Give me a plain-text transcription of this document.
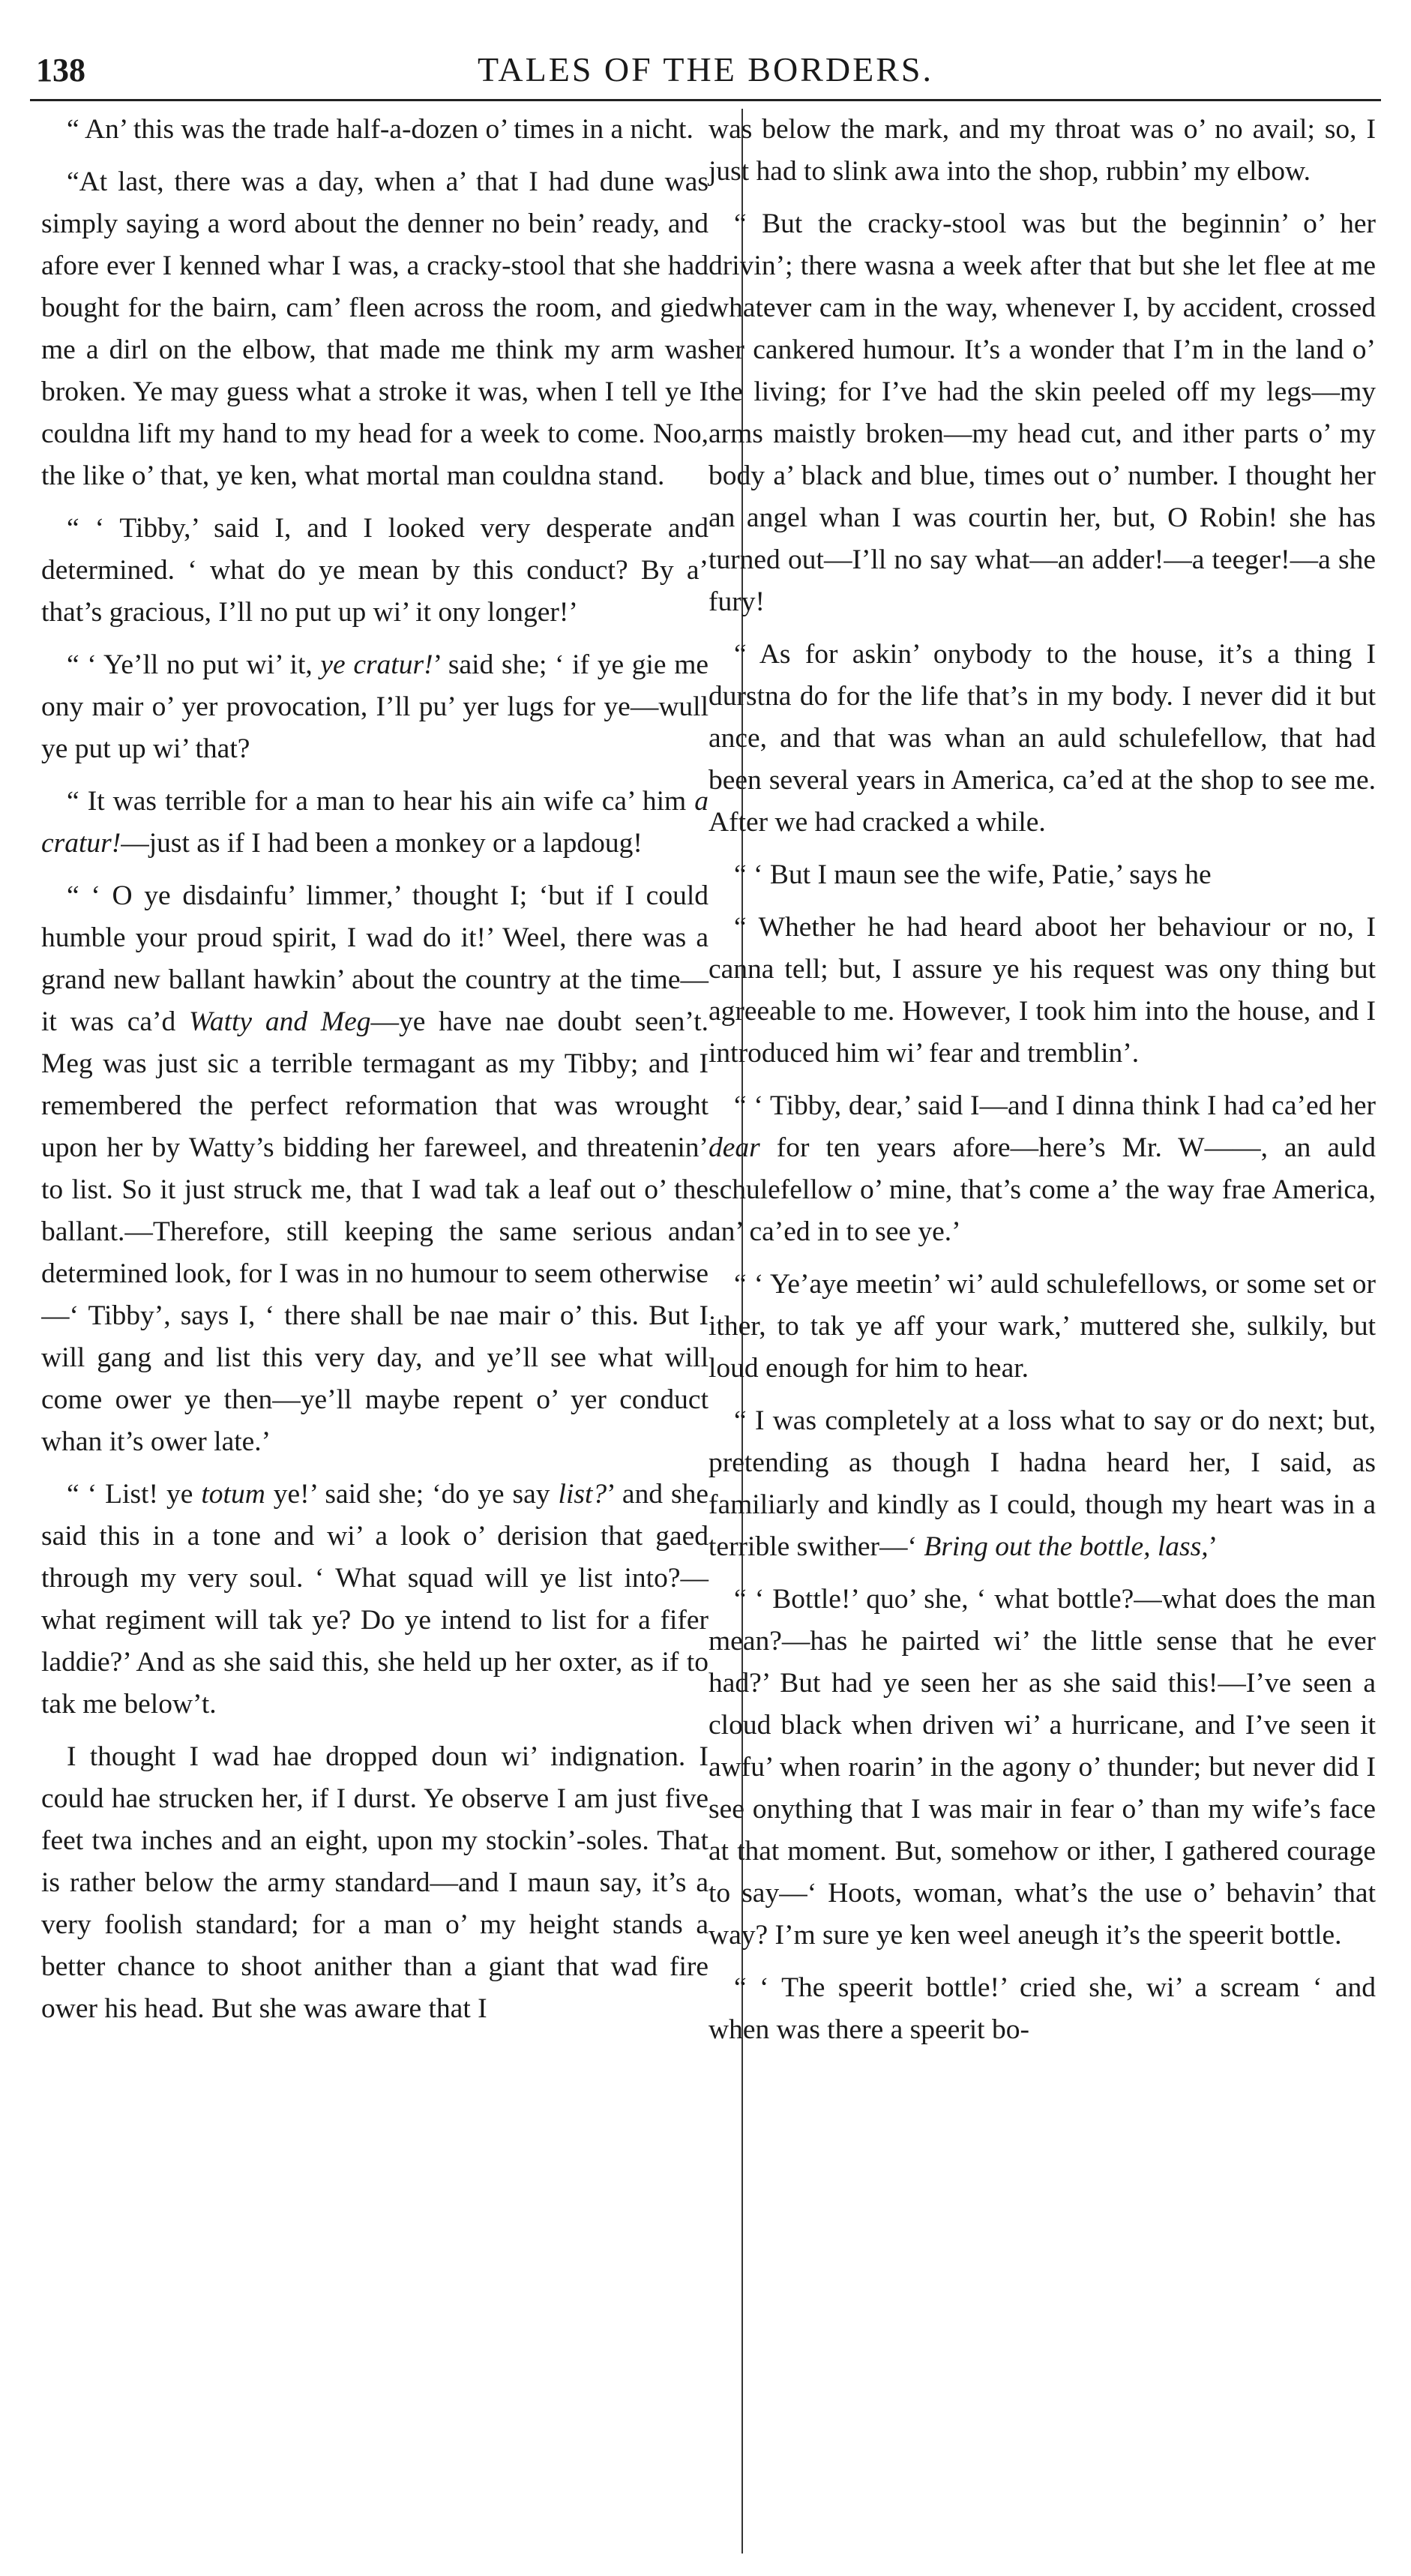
138	TALES OF THE BORDERS.

“ An’ this was the trade half-a-dozen o’ times in a nicht.

“At last, there was a day, when a’ that I had dune was simply saying a word about the denner no bein’ ready, and afore ever I kenned whar I was, a cracky-stool that she had bought for the bairn, cam’ fleen across the room, and gied me a dirl on the elbow, that made me think my arm was broken. Ye may guess what a stroke it was, when I tell ye I couldna lift my hand to my head for a week to come. Noo, the like o’ that, ye ken, what mortal man couldna stand.

“ ‘ Tibby,’ said I, and I looked very desperate and determined. ‘ what do ye mean by this conduct? By a’ that’s gracious, I’ll no put up wi’ it ony longer!’

“ ‘ Ye’ll no put wi’ it, ye cratur!’ said she; ‘ if ye gie me ony mair o’ yer provocation, I’ll pu’ yer lugs for ye—wull ye put up wi’ that?

“ It was terrible for a man to hear his ain wife ca’ him a cratur!—just as if I had been a monkey or a lapdoug!

“ ‘ O ye disdainfu’ limmer,’ thought I; ‘but if I could humble your proud spirit, I wad do it!’ Weel, there was a grand new ballant hawkin’ about the country at the time—it was ca’d Watty and Meg—ye have nae doubt seen’t. Meg was just sic a terrible termagant as my Tibby; and I remembered the perfect reformation that was wrought upon her by Watty’s bidding her fareweel, and threatenin’ to list. So it just struck me, that I wad tak a leaf out o’ the ballant.—Therefore, still keeping the same serious and determined look, for I was in no humour to seem otherwise—‘ Tibby’, says I, ‘ there shall be nae mair o’ this. But I will gang and list this very day, and ye’ll see what will come ower ye then—ye’ll maybe repent o’ yer conduct whan it’s ower late.’

“ ‘ List! ye totum ye!’ said she; ‘do ye say list?’ and she said this in a tone and wi’ a look o’ derision that gaed through my very soul. ‘ What squad will ye list into?—what regiment will tak ye? Do ye intend to list for a fifer laddie?’ And as she said this, she held up her oxter, as if to tak me below’t.

I thought I wad hae dropped doun wi’ indignation. I could hae strucken her, if I durst. Ye observe I am just five feet twa inches and an eight, upon my stockin’-soles. That is rather below the army standard—and I maun say, it’s a very foolish standard; for a man o’ my height stands a better chance to shoot anither than a giant that wad fire ower his head. But she was aware that I

was below the mark, and my throat was o’ no avail; so, I just had to slink awa into the shop, rubbin’ my elbow.

“ But the cracky-stool was but the beginnin’ o’ her drivin’; there wasna a week after that but she let flee at me whatever cam in the way, whenever I, by accident, crossed her cankered humour. It’s a wonder that I’m in the land o’ the living; for I’ve had the skin peeled off my legs—my arms maistly broken—my head cut, and ither parts o’ my body a’ black and blue, times out o’ number. I thought her an angel whan I was courtin her, but, O Robin! she has turned out—I’ll no say what—an adder!—a teeger!—a she fury!

“ As for askin’ onybody to the house, it’s a thing I durstna do for the life that’s in my body. I never did it but ance, and that was whan an auld schulefellow, that had been several years in America, ca’ed at the shop to see me. After we had cracked a while.

“ ‘ But I maun see the wife, Patie,’ says he

“ Whether he had heard aboot her behaviour or no, I canna tell; but, I assure ye his request was ony thing but agreeable to me. However, I took him into the house, and I introduced him wi’ fear and tremblin’.

“ ‘ Tibby, dear,’ said I—and I dinna think I had ca’ed her dear for ten years afore—here’s Mr. W——, an auld schulefellow o’ mine, that’s come a’ the way frae America, an’ ca’ed in to see ye.’

“ ‘ Ye’aye meetin’ wi’ auld schulefellows, or some set or ither, to tak ye aff your wark,’ muttered she, sulkily, but loud enough for him to hear.

“ I was completely at a loss what to say or do next; but, pretending as though I hadna heard her, I said, as familiarly and kindly as I could, though my heart was in a terrible swither—‘ Bring out the bottle, lass,’

“ ‘ Bottle!’ quo’ she, ‘ what bottle?—what does the man mean?—has he pairted wi’ the little sense that he ever had?’ But had ye seen her as she said this!—I’ve seen a cloud black when driven wi’ a hurricane, and I’ve seen it awfu’ when roarin’ in the agony o’ thunder; but never did I see onything that I was mair in fear o’ than my wife’s face at that moment. But, somehow or ither, I gathered courage to say—‘ Hoots, woman, what’s the use o’ behavin’ that way? I’m sure ye ken weel aneugh it’s the speerit bottle.

“ ‘ The speerit bottle!’ cried she, wi’ a scream ‘ and when was there a speerit bo-
